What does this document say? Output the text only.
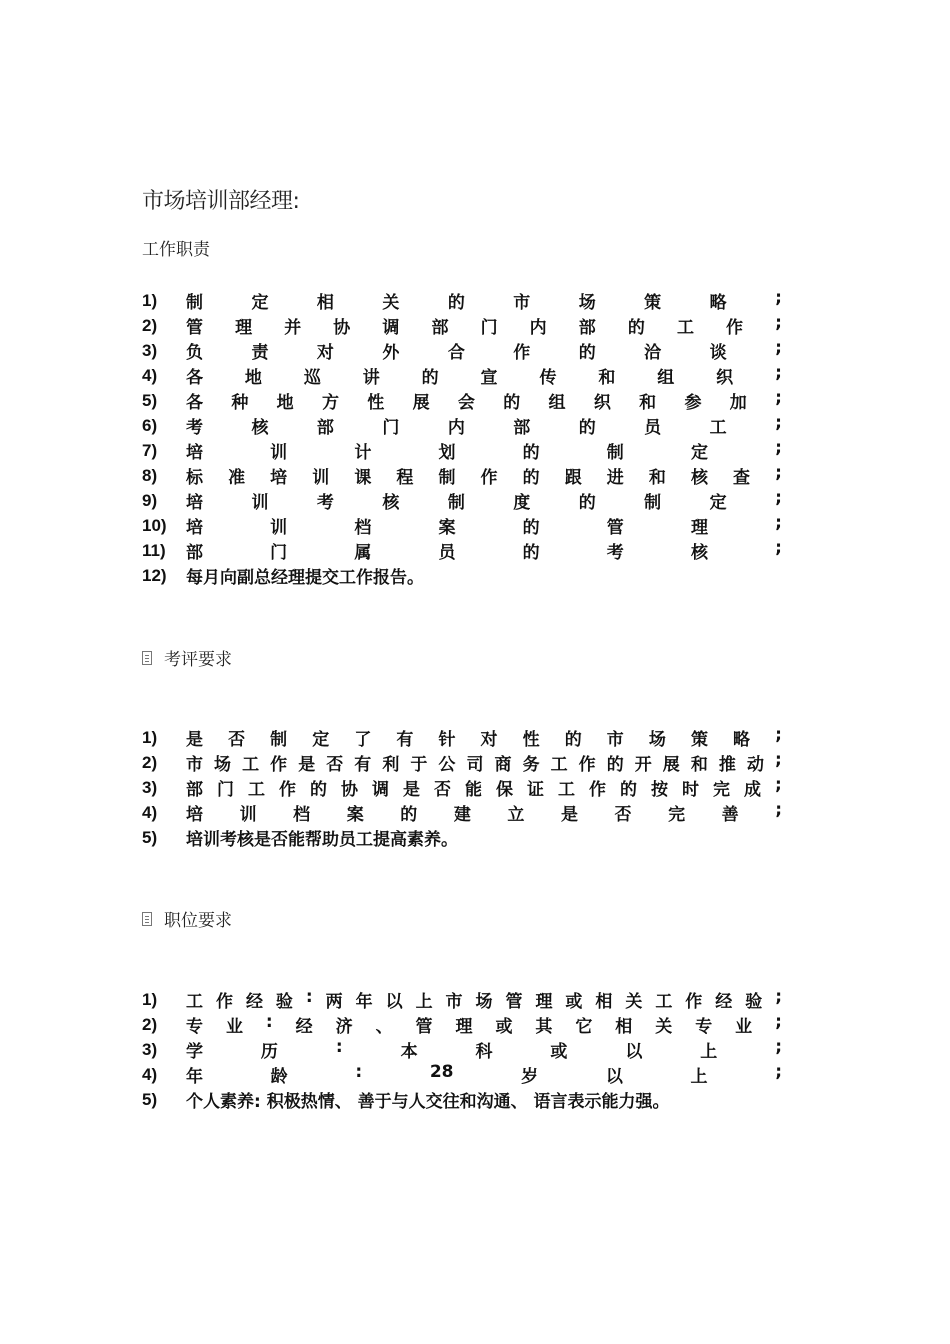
市场培训部经理:
工作职责
1)	制	定	相	关	的	市	场	策	略	;
2)	管 理 并 协 调 部 门 内 部 的 工 作 ;
3)	负	责	对	外	合	作	的	洽	谈	;
4)	各 地 巡 讲 的 宣 传 和 组 织 ;
5)	各 种 地 方 性 展 会 的 组 织 和 参 加 ;
6)	考	核	部	门	内	部	的	员	工	;
7)	培	训	计	划	的	制	定	;
8)	标 准 培 训 课 程 制 作 的 跟 进 和 核 查 ;
9)	培	训	考	核	制	度	的	制	定	;
10)	培	训	档	案	的	管	理	;
11)	部	门	属	员	的	考	核	;
12)	每月向副总经理提交工作报告。
考评要求
1)	是 否 制 定 了 有 针 对 性 的 市 场 策 略 ;
2)	市 场 工 作 是 否 有 利 于 公 司 商 务 工 作 的 开 展 和 推 动 ;
3)	部 门 工 作 的 协 调 是 否 能 保 证 工 作 的 按 时 完 成 ;
4)	培 训 档 案 的 建 立 是 否 完 善 ;
5)	培训考核是否能帮助员工提高素养。
职位要求
1)	工 作 经 验 : 两 年 以 上 市 场 管 理 或 相 关 工 作 经 验 ;
2)	专 业 : 经 济 、 管 理 或 其 它 相 关 专 业 ;
3)	学	历	:	本	科	或	以	上	;
4)	年	龄	:	28	岁	以	上	;
5)	个人素养: 积极热情、 善于与人交往和沟通、 语言表示能力强。
